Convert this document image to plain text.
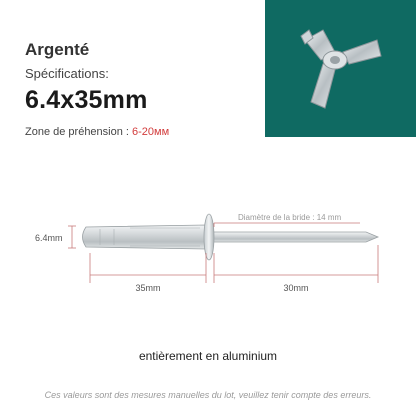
Argenté
Spécifications:
6.4x35mm
Zone de préhension : 6-20мм
Diamètre de la bride : 14 mm
6.4mm
35mm	30mm
entièrement en aluminium
Ces valeurs sont des mesures manuelles du lot, veuillez tenir compte des erreurs.
